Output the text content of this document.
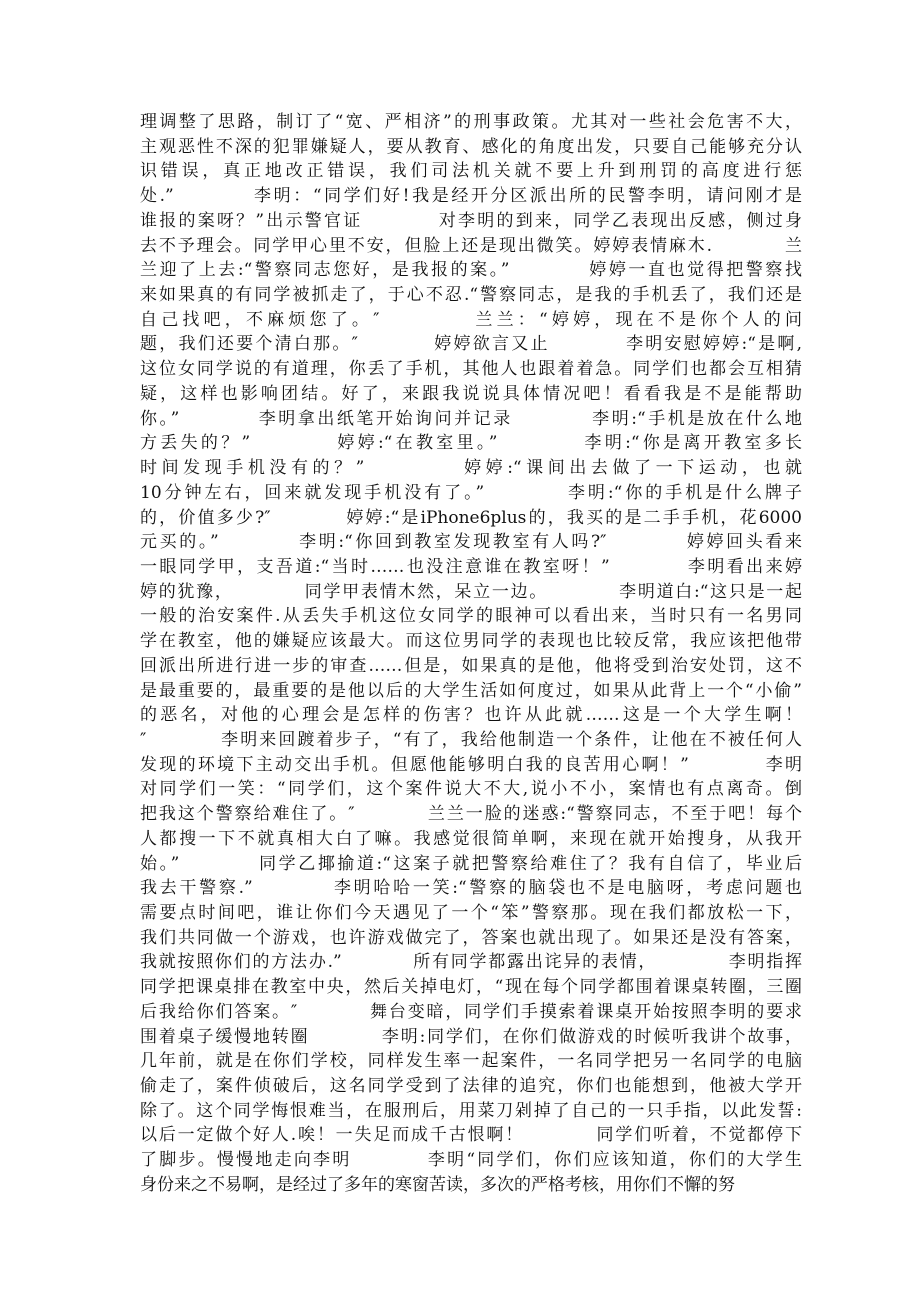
理调整了思路，制订了“宽、严相济”的刑事政策。尤其对一些社会危害不大，
主观恶性不深的犯罪嫌疑人，要从教育、感化的角度出发，只要自己能够充分认
识错误，真正地改正错误，我们司法机关就不要上升到刑罚的高度进行惩
处.”          李明：“同学们好!我是经开分区派出所的民警李明，请问刚才是
谁报的案呀？”出示警官证          对李明的到来，同学乙表现出反感，侧过身
去不予理会。同学甲心里不安，但脸上还是现出微笑。婷婷表情麻木.          兰
兰迎了上去:“警察同志您好，是我报的案。”          婷婷一直也觉得把警察找
来如果真的有同学被抓走了，于心不忍.“警察同志，是我的手机丢了，我们还是
自己找吧，不麻烦您了。″          兰兰：“婷婷，现在不是你个人的问
题，我们还要个清白那。″          婷婷欲言又止          李明安慰婷婷:“是啊,
这位女同学说的有道理，你丢了手机，其他人也跟着着急。同学们也都会互相猜
疑，这样也影响团结。好了，来跟我说说具体情况吧！看看我是不是能帮助
你。”          李明拿出纸笔开始询问并记录          李明:“手机是放在什么地
方丢失的？”          婷婷:“在教室里。”          李明:“你是离开教室多长
时间发现手机没有的？”          婷婷:“课间出去做了一下运动，也就
10分钟左右，回来就发现手机没有了。”          李明:“你的手机是什么牌子
的，价值多少?″          婷婷:“是iPhone6plus的，我买的是二手手机，花6000
元买的。”          李明:“你回到教室发现教室有人吗?″          婷婷回头看来
一眼同学甲，支吾道:“当时……也没注意谁在教室呀！”          李明看出来婷
婷的犹豫，          同学甲表情木然，呆立一边。          李明道白:“这只是一起
一般的治安案件.从丢失手机这位女同学的眼神可以看出来，当时只有一名男同
学在教室，他的嫌疑应该最大。而这位男同学的表现也比较反常，我应该把他带
回派出所进行进一步的审查……但是，如果真的是他，他将受到治安处罚，这不
是最重要的，最重要的是他以后的大学生活如何度过，如果从此背上一个“小偷”
的恶名，对他的心理会是怎样的伤害？也许从此就……这是一个大学生啊！
″          李明来回踱着步子，“有了，我给他制造一个条件，让他在不被任何人
发现的环境下主动交出手机。但愿他能够明白我的良苦用心啊！”          李明
对同学们一笑：“同学们，这个案件说大不大,说小不小，案情也有点离奇。倒
把我这个警察给难住了。″          兰兰一脸的迷惑:“警察同志，不至于吧！每个
人都搜一下不就真相大白了嘛。我感觉很简单啊，来现在就开始搜身，从我开
始。”          同学乙揶揄道:“这案子就把警察给难住了？我有自信了，毕业后
我去干警察.”          李明哈哈一笑:“警察的脑袋也不是电脑呀，考虑问题也
需要点时间吧，谁让你们今天遇见了一个“笨”警察那。现在我们都放松一下，
我们共同做一个游戏，也许游戏做完了，答案也就出现了。如果还是没有答案，
我就按照你们的方法办.”          所有同学都露出诧异的表情，          李明指挥
同学把课桌排在教室中央，然后关掉电灯，“现在每个同学都围着课桌转圈，三圈
后我给你们答案。″          舞台变暗，同学们手摸索着课桌开始按照李明的要求
围着桌子缓慢地转圈          李明:同学们，在你们做游戏的时候听我讲个故事，
几年前，就是在你们学校，同样发生率一起案件，一名同学把另一名同学的电脑
偷走了，案件侦破后，这名同学受到了法律的追究，你们也能想到，他被大学开
除了。这个同学悔恨难当，在服刑后，用菜刀剁掉了自己的一只手指，以此发誓:
以后一定做个好人.唉！一失足而成千古恨啊！          同学们听着，不觉都停下
了脚步。慢慢地走向李明          李明“同学们，你们应该知道，你们的大学生
身份来之不易啊，是经过了多年的寒窗苦读，多次的严格考核，用你们不懈的努
